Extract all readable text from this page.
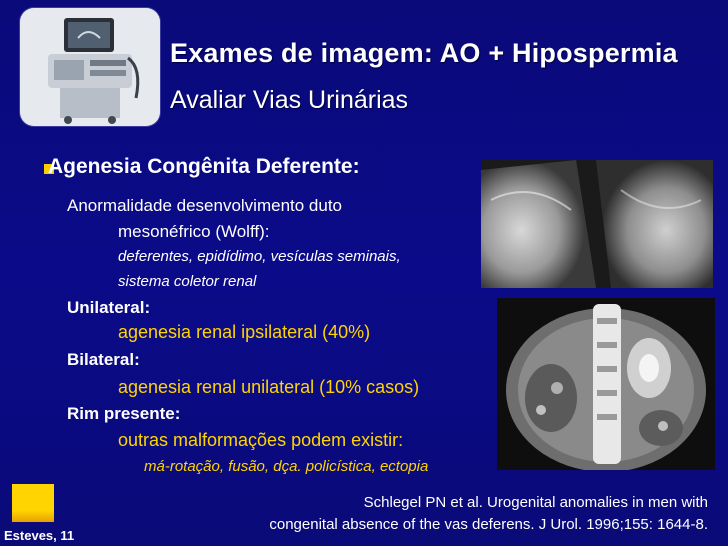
Exames de imagem: AO + Hipospermia
Avaliar Vias Urinárias
Agenesia Congênita Deferente:
Anormalidade desenvolvimento duto
mesonéfrico (Wolff):
deferentes, epidídimo, vesículas seminais,
sistema coletor renal
Unilateral:
agenesia renal ipsilateral (40%)
Bilateral:
agenesia renal unilateral (10% casos)
Rim presente:
outras malformações podem existir:
má-rotação, fusão, dça. policística, ectopia
Esteves, 11
Schlegel PN et al. Urogenital anomalies in men with
congenital absence of the vas deferens. J Urol. 1996;155: 1644-8.
